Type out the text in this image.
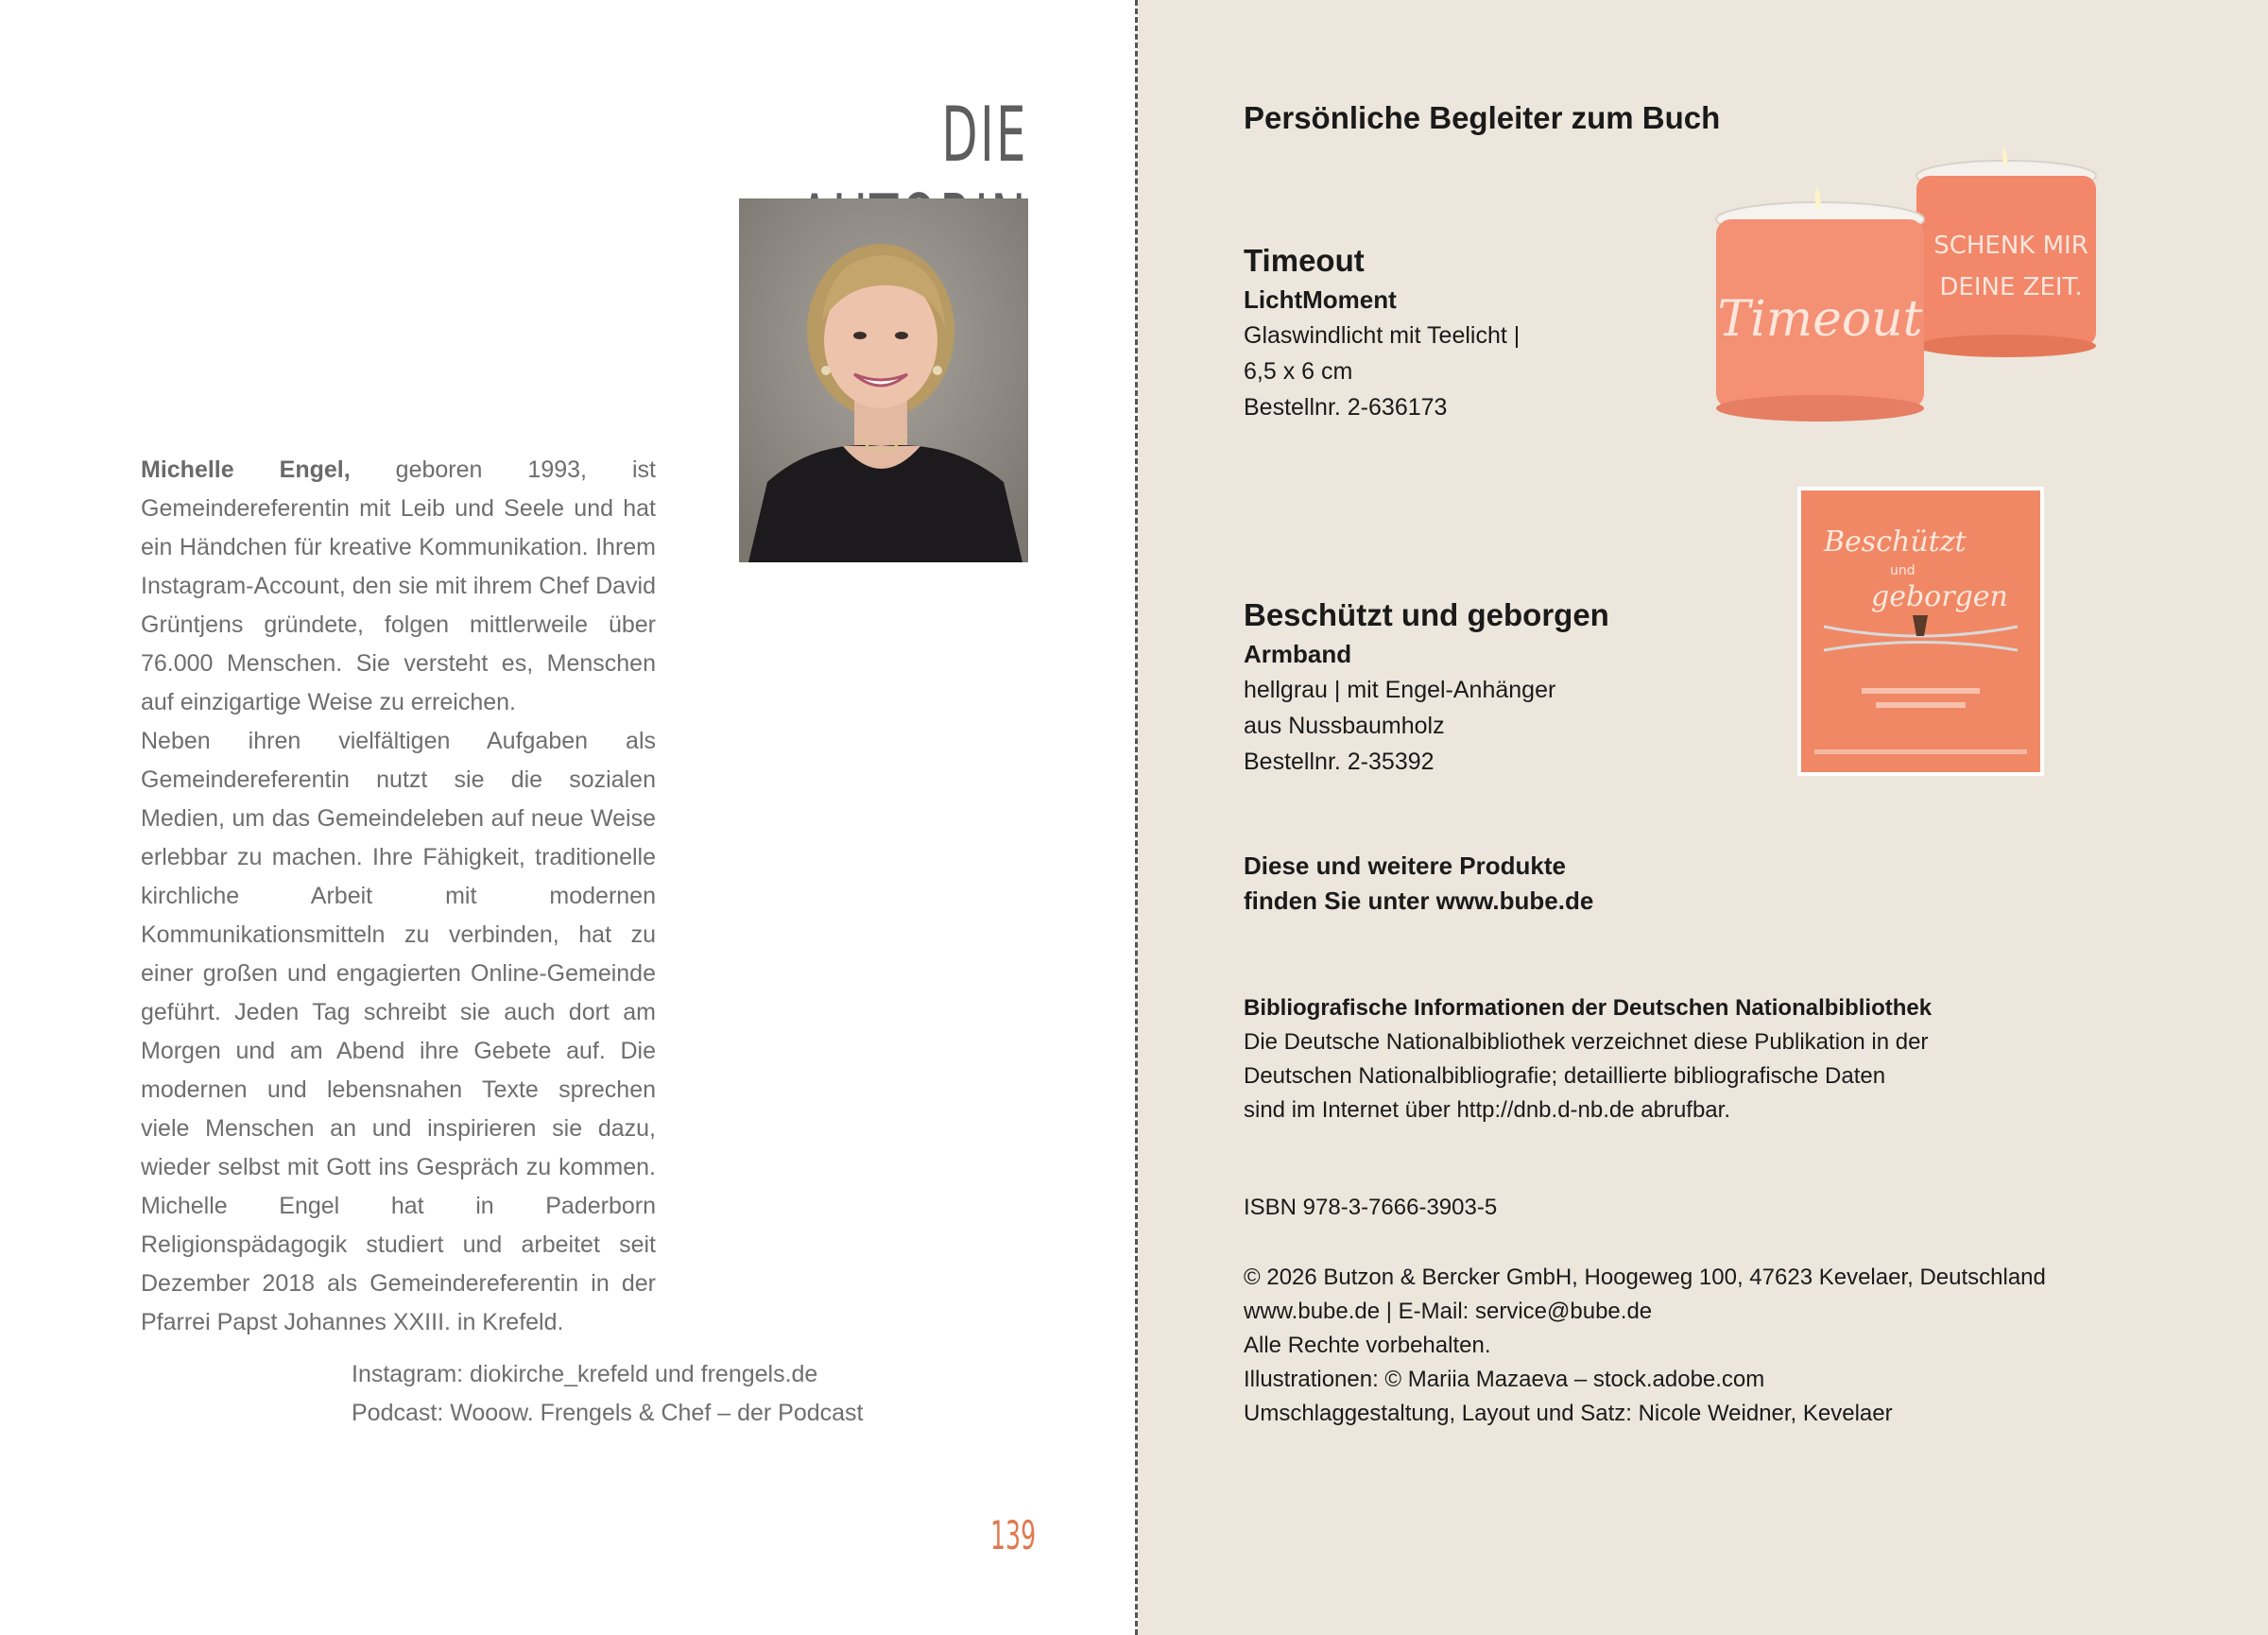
DIE

Michelle Engel, geboren 1993, ist Gemeindereferentin mit Leib und Seele und hat ein Händchen für kreative Kommunikation. Ihrem Instagram-Account, den sie mit ihrem Chef David Grüntjens gründete, folgen mittlerweile über 76.000 Menschen. Sie versteht es, Menschen auf einzigartige Weise zu erreichen.

Neben ihren vielfältigen Aufgaben als Gemeindereferentin nutzt sie die sozialen Medien, um das Gemeindeleben auf neue Weise erlebbar zu machen. Ihre Fähigkeit, traditionelle kirchliche Arbeit mit modernen Kommunikationsmitteln zu verbinden, hat zu einer großen und engagierten Online-Gemeinde geführt. Jeden Tag schreibt sie auch dort am Morgen und am Abend ihre Gebete auf. Die modernen und lebensnahen Texte sprechen viele Menschen an und inspirieren sie dazu, wieder selbst mit Gott ins Gespräch zu kommen. Michelle Engel hat in Paderborn Religionspädagogik studiert und arbeitet seit Dezember 2018 als Gemeindereferentin in der Pfarrei Papst Johannes XXIII. in Krefeld.

Instagram: diokirche_krefeld und frengels.de
Podcast: Wooow. Frengels & Chef – der Podcast
139
Persönliche Begleiter zum Buch
Timeout
LichtMoment
Glaswindlicht mit Teelicht |
6,5 x 6 cm
Bestellnr. 2-636173
SCHENK MIR
DEINE ZEIT.
Timeout
Beschützt und geborgen
Armband
hellgrau | mit Engel-Anhänger
aus Nussbaumholz
Bestellnr. 2-35392
Beschützt
und
geborgen
Diese und weitere Produkte
finden Sie unter www.bube.de
Bibliografische Informationen der Deutschen Nationalbibliothek
Die Deutsche Nationalbibliothek verzeichnet diese Publikation in der
Deutschen Nationalbibliografie; detaillierte bibliografische Daten
sind im Internet über http://dnb.d-nb.de abrufbar.
ISBN 978-3-7666-3903-5
© 2026 Butzon & Bercker GmbH, Hoogeweg 100, 47623 Kevelaer, Deutschland
www.bube.de | E-Mail: service@bube.de
Alle Rechte vorbehalten.
Illustrationen: © Mariia Mazaeva – stock.adobe.com
Umschlaggestaltung, Layout und Satz: Nicole Weidner, Kevelaer
